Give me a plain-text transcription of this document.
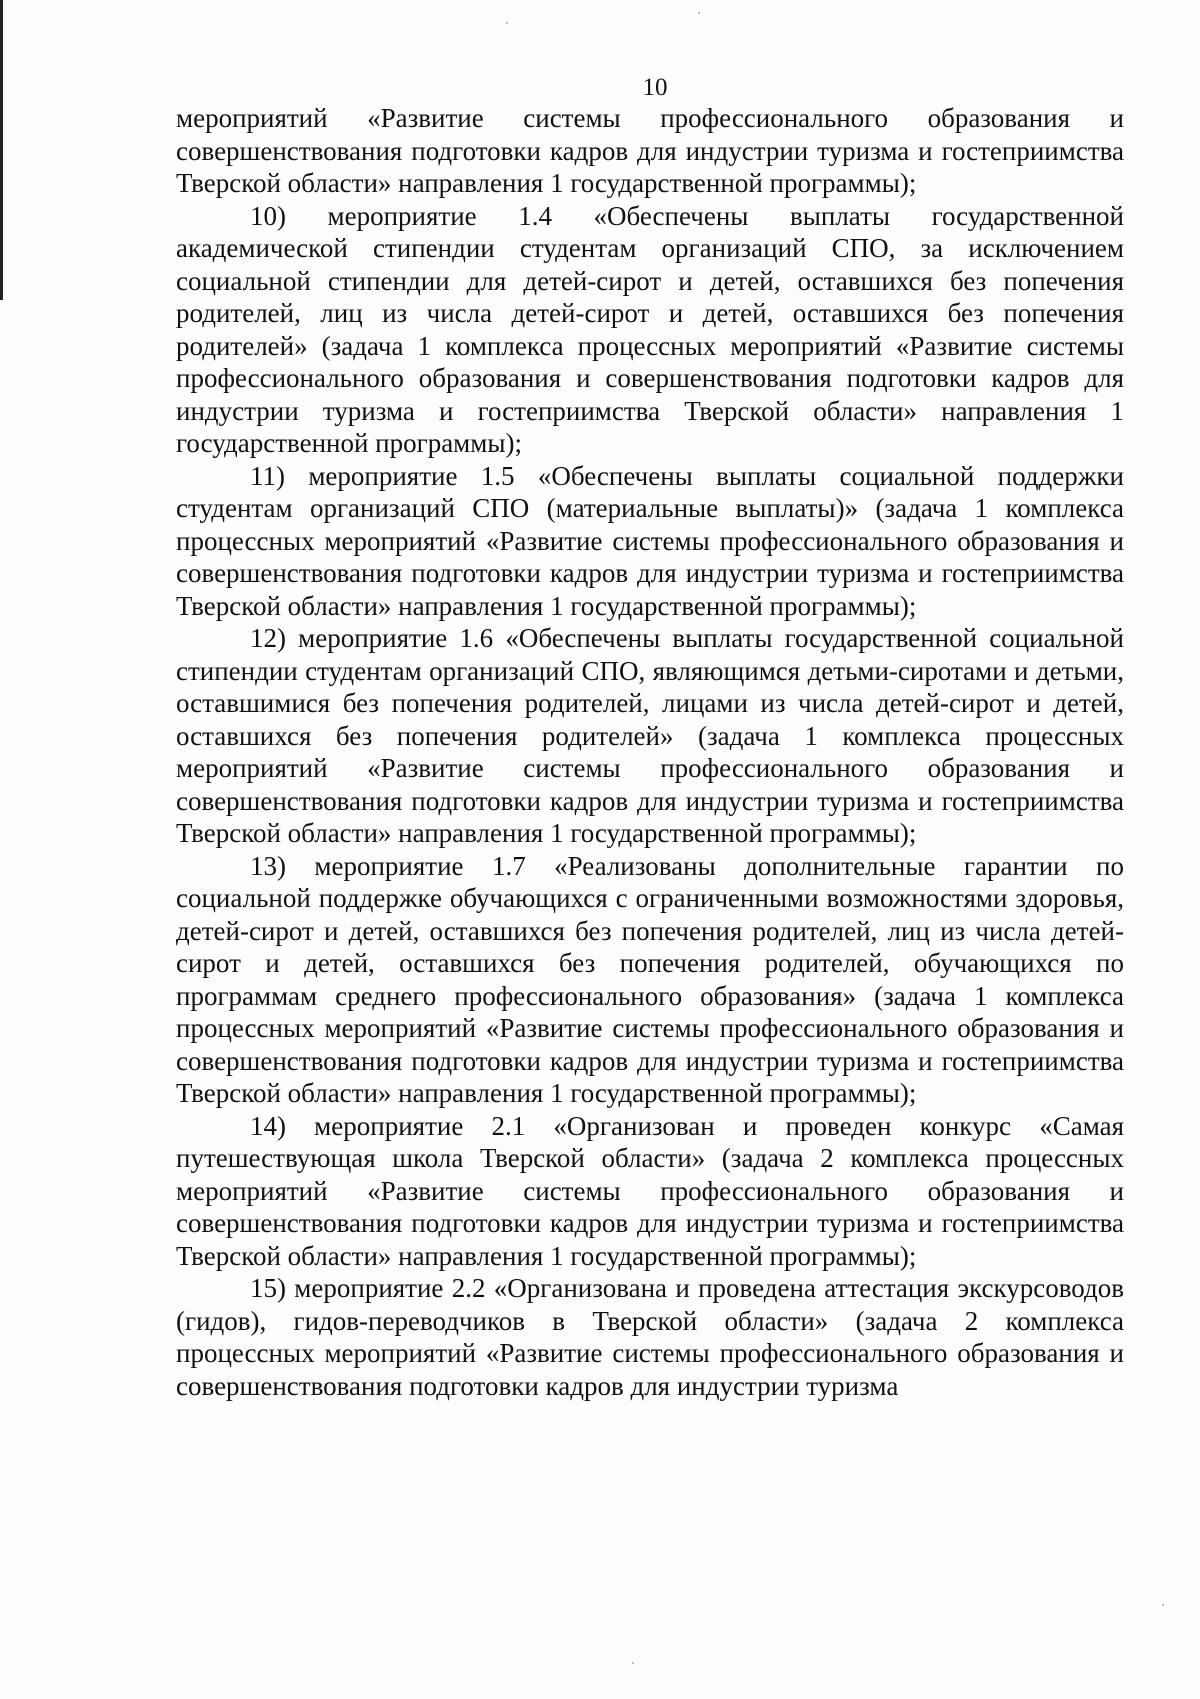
10

мероприятий «Развитие системы профессионального образования и совершенствования подготовки кадров для индустрии туризма и гостеприимства Тверской области» направления 1 государственной программы);

10) мероприятие 1.4 «Обеспечены выплаты государственной академической стипендии студентам организаций СПО, за исключением социальной стипендии для детей-сирот и детей, оставшихся без попечения родителей, лиц из числа детей-сирот и детей, оставшихся без попечения родителей» (задача 1 комплекса процессных мероприятий «Развитие системы профессионального образования и совершенствования подготовки кадров для индустрии туризма и гостеприимства Тверской области» направления 1 государственной программы);

11) мероприятие 1.5 «Обеспечены выплаты социальной поддержки студентам организаций СПО (материальные выплаты)» (задача 1 комплекса процессных мероприятий «Развитие системы профессионального образования и совершенствования подготовки кадров для индустрии туризма и гостеприимства Тверской области» направления 1 государственной программы);

12) мероприятие 1.6 «Обеспечены выплаты государственной социальной стипендии студентам организаций СПО, являющимся детьми-сиротами и детьми, оставшимися без попечения родителей, лицами из числа детей-сирот и детей, оставшихся без попечения родителей» (задача 1 комплекса процессных мероприятий «Развитие системы профессионального образования и совершенствования подготовки кадров для индустрии туризма и гостеприимства Тверской области» направления 1 государственной программы);

13) мероприятие 1.7 «Реализованы дополнительные гарантии по социальной поддержке обучающихся с ограниченными возможностями здоровья, детей-сирот и детей, оставшихся без попечения родителей, лиц из числа детей-сирот и детей, оставшихся без попечения родителей, обучающихся по программам среднего профессионального образования» (задача 1 комплекса процессных мероприятий «Развитие системы профессионального образования и совершенствования подготовки кадров для индустрии туризма и гостеприимства Тверской области» направления 1 государственной программы);

14) мероприятие 2.1 «Организован и проведен конкурс «Самая путешествующая школа Тверской области» (задача 2 комплекса процессных мероприятий «Развитие системы профессионального образования и совершенствования подготовки кадров для индустрии туризма и гостеприимства Тверской области» направления 1 государственной программы);

15) мероприятие 2.2 «Организована и проведена аттестация экскурсоводов (гидов), гидов-переводчиков в Тверской области» (задача 2 комплекса процессных мероприятий «Развитие системы профессионального образования и совершенствования подготовки кадров для индустрии туризма
